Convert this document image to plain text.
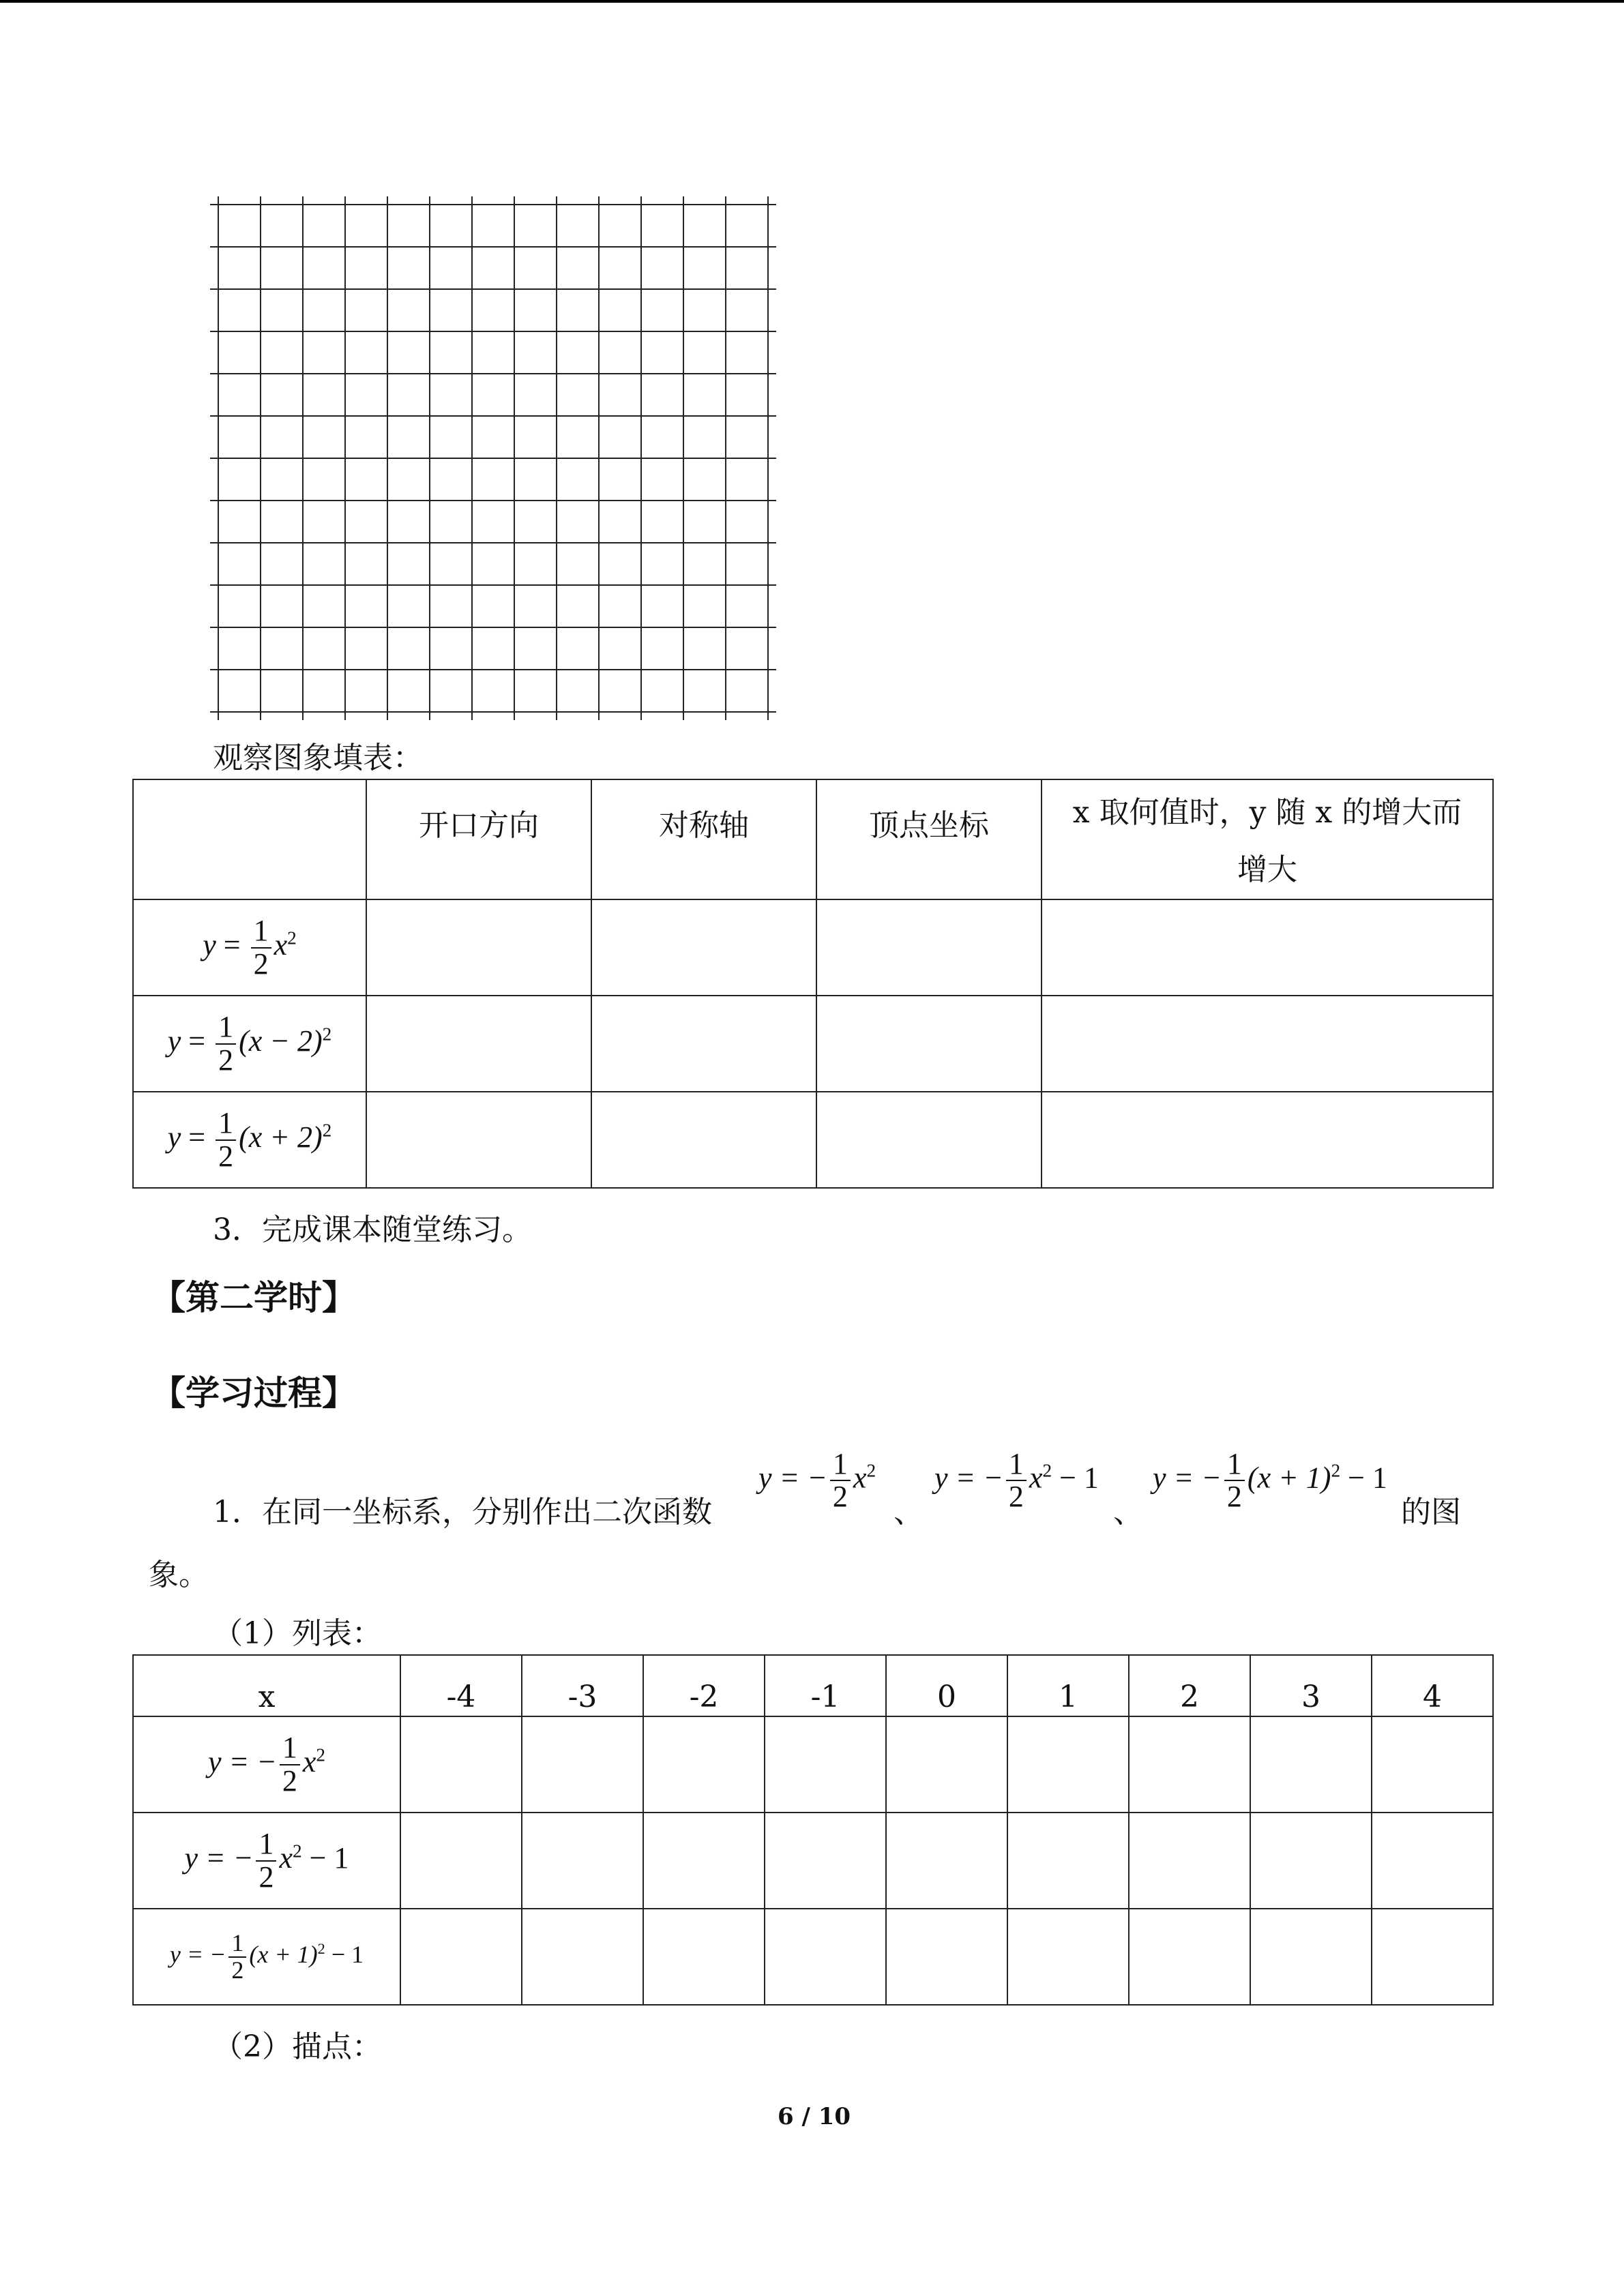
观察图象填表：
	开口方向	对称轴	顶点坐标	x 取何值时，y 随 x 的增大而
增大

$y = \frac{1}{2} x^2$				
$y = \frac{1}{2} (x - 2)^2$				
$y = \frac{1}{2} (x + 2)^2$				
3．完成课本随堂练习。
【第二学时】
【学习过程】
1．在同一坐标系，分别作出二次函数
y = − $\frac{1}{2} x^2$
、
y = − $\frac{1}{2} x^2 - 1$
、
y = − $\frac{1}{2} (x + 1)^2 - 1$
的图
象。
（1）列表：
x	-4	-3	-2	-1	0	1	2	3	4
y = − $\frac{1}{2} x^2$									
y = − $\frac{1}{2} x^2 - 1$									
y = − $\frac{1}{2} (x + 1)^2 - 1$									
（2）描点：
6 / 10
